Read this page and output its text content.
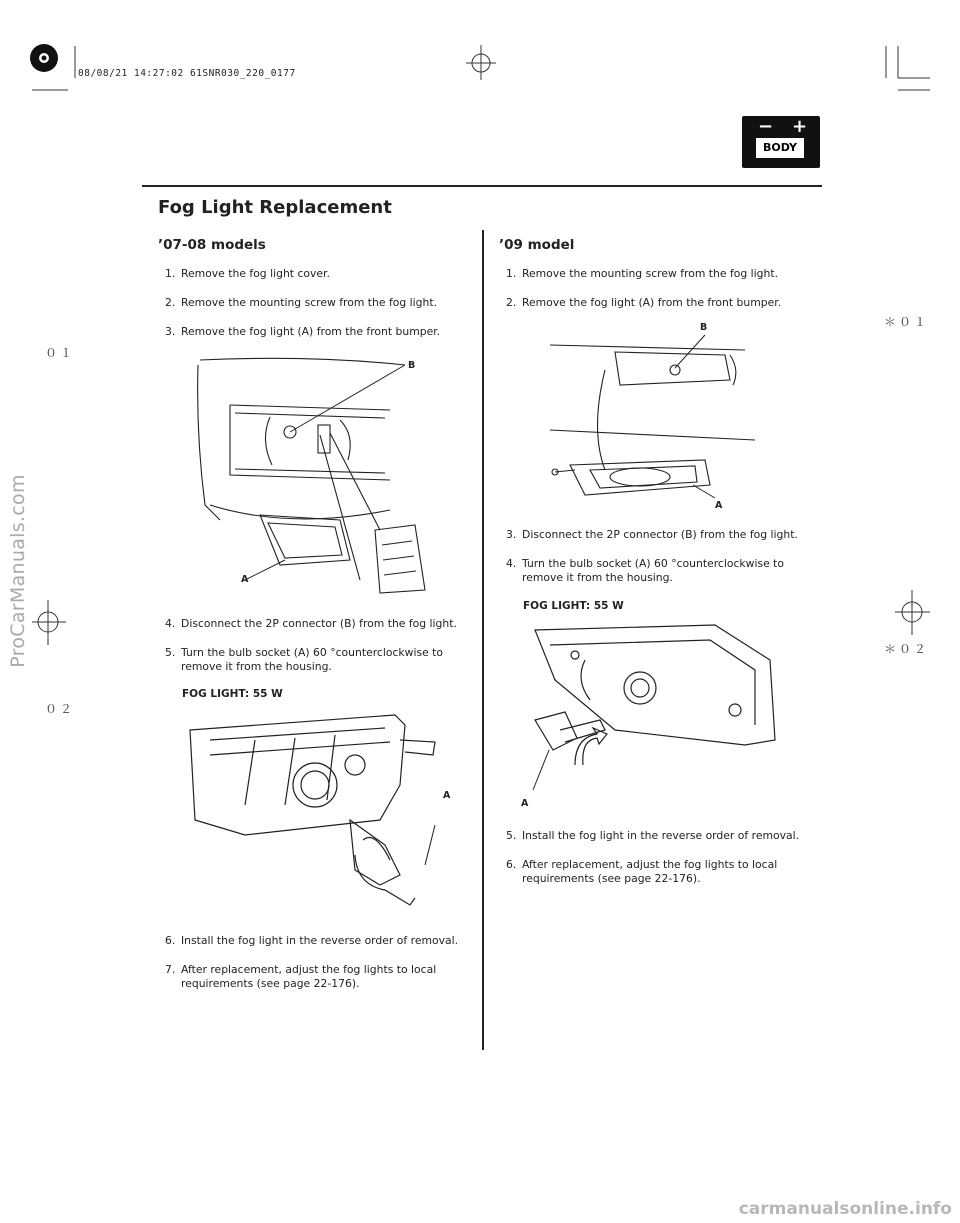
08/08/21 14:27:02 61SNR030_220_0177
− +
BODY
Fog Light Replacement
０１
０２
＊０１
＊０２
ProCarManuals.com
carmanualsonline.info
’07-08 models
1. Remove the fog light cover.
2. Remove the mounting screw from the fog light.
3. Remove the fog light (A) from the front bumper.
B
A
4. Disconnect the 2P connector (B) from the fog light.
5. Turn the bulb socket (A) 60 °counterclockwise to
remove it from the housing.
FOG LIGHT: 55 W
A
6. Install the fog light in the reverse order of removal.
7. After replacement, adjust the fog lights to local
requirements (see page 22-176).
’09 model
1. Remove the mounting screw from the fog light.
2. Remove the fog light (A) from the front bumper.
B
A
3. Disconnect the 2P connector (B) from the fog light.
4. Turn the bulb socket (A) 60 °counterclockwise to
remove it from the housing.
FOG LIGHT: 55 W
A
5. Install the fog light in the reverse order of removal.
6. After replacement, adjust the fog lights to local
requirements (see page 22-176).
